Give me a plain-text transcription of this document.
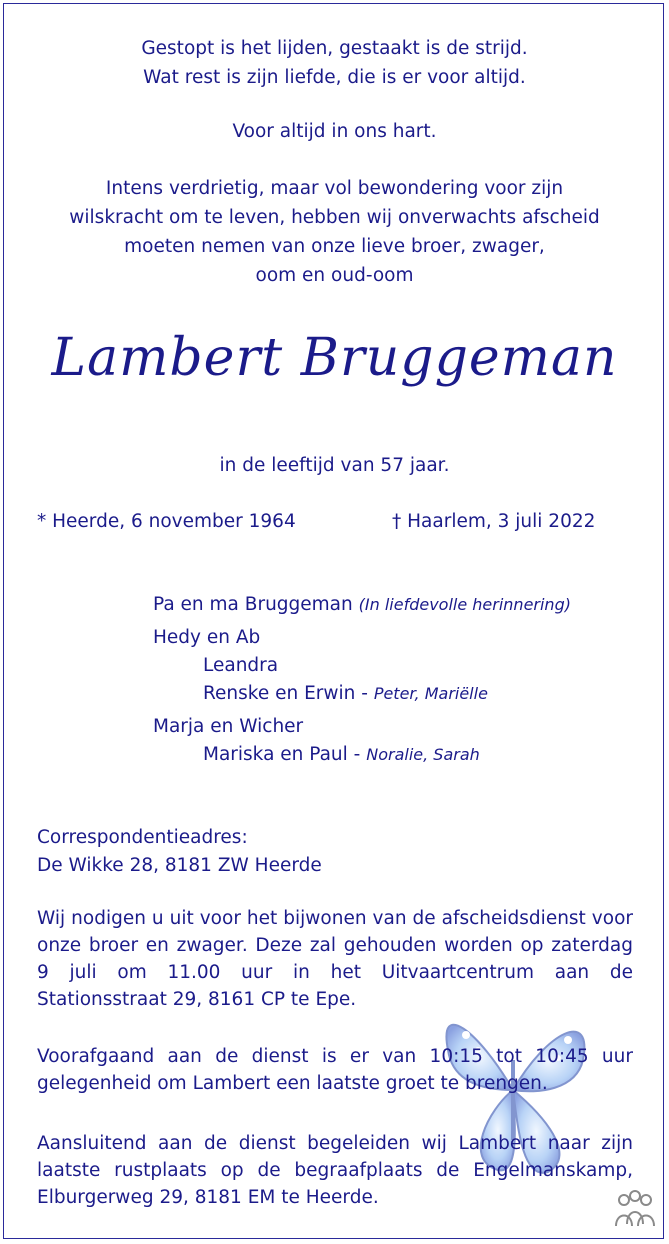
Gestopt is het lijden, gestaakt is de strijd.
Wat rest is zijn liefde, die is er voor altijd.
Voor altijd in ons hart.
Intens verdrietig, maar vol bewondering voor zijn
wilskracht om te leven, hebben wij onverwachts afscheid
moeten nemen van onze lieve broer, zwager,
oom en oud-oom
Lambert Bruggeman
in de leeftijd van 57 jaar.
* Heerde, 6 november 1964	† Haarlem, 3 juli 2022
Pa en ma Bruggeman (In liefdevolle herinnering)
Hedy en Ab
Leandra
Renske en Erwin - Peter, Mariëlle
Marja en Wicher
Mariska en Paul - Noralie, Sarah
Correspondentieadres:
De Wikke 28, 8181 ZW Heerde
Wij nodigen u uit voor het bijwonen van de afscheidsdienst voor onze broer en zwager. Deze zal gehouden worden op zaterdag 9 juli om 11.00 uur in het Uitvaartcentrum aan de Stationsstraat 29, 8161 CP te Epe.
Voorafgaand aan de dienst is er van 10:15 tot 10:45 uur gelegenheid om Lambert een laatste groet te brengen.
Aansluitend aan de dienst begeleiden wij Lambert naar zijn laatste rustplaats op de begraafplaats de Engelmanskamp, Elburgerweg 29, 8181 EM te Heerde.
